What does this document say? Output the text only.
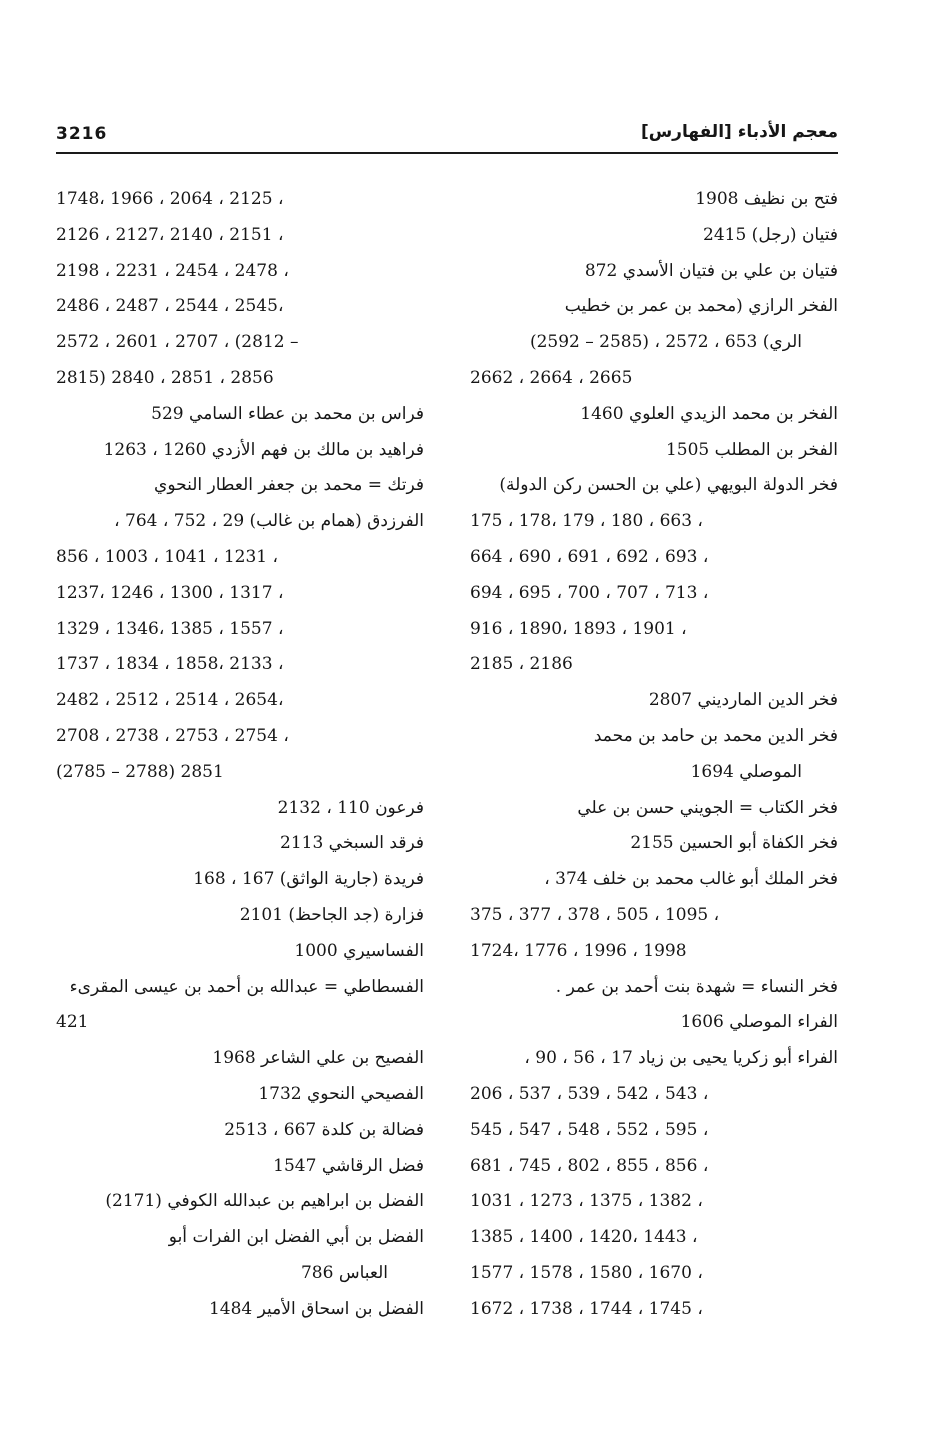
3216	معجم الأدباء [الفهارس]
فتح بن نظيف 1908
فتيان (رجل) 2415
فتيان بن علي بن فتيان الأسدي 872
الفخر الرازي (محمد بن عمر بن خطيب
الري) 653 ، 2572 ، (2585 – 2592)
2662 ، 2664 ، 2665
الفخر بن محمد الزيدي العلوي 1460
الفخر بن المطلب 1505
فخر الدولة البويهي (علي بن الحسن ركن الدولة)
175 ، 178، 179 ، 180 ، 663 ،
664 ، 690 ، 691 ، 692 ، 693 ،
694 ، 695 ، 700 ، 707 ، 713 ،
916 ، 1890، 1893 ، 1901 ،
2185 ، 2186
فخر الدين الماردیني 2807
فخر الدين محمد بن حامد بن محمد
الموصلي 1694
فخر الكتاب = الجويني حسن بن علي
فخر الكفاة أبو الحسين 2155
فخر الملك أبو غالب محمد بن خلف 374 ،
375 ، 377 ، 378 ، 505 ، 1095 ،
1724، 1776 ، 1996 ، 1998
فخر النساء = شهدة بنت أحمد بن عمر .
الفراء الموصلي 1606
الفراء أبو زكريا يحيى بن زياد 17 ، 56 ، 90 ،
206 ، 537 ، 539 ، 542 ، 543 ،
545 ، 547 ، 548 ، 552 ، 595 ،
681 ، 745 ، 802 ، 855 ، 856 ،
1031 ، 1273 ، 1375 ، 1382 ،
1385 ، 1400 ، 1420، 1443 ،
1577 ، 1578 ، 1580 ، 1670 ،
1672 ، 1738 ، 1744 ، 1745 ،
1748، 1966 ، 2064 ، 2125 ،
2126 ، 2127، 2140 ، 2151 ،
2198 ، 2231 ، 2454 ، 2478 ،
2486 ، 2487 ، 2544 ، 2545،
2572 ، 2601 ، 2707 ، (2812 –
2815) 2840 ، 2851 ، 2856
فراس بن محمد بن عطاء السامي 529
فراهيد بن مالك بن فهم الأزدي 1260 ، 1263
فرتك = محمد بن جعفر العطار النحوي
الفرزدق (همام بن غالب) 29 ، 752 ، 764 ،
856 ، 1003 ، 1041 ، 1231 ،
1237، 1246 ، 1300 ، 1317 ،
1329 ، 1346، 1385 ، 1557 ،
1737 ، 1834 ، 1858، 2133 ،
2482 ، 2512 ، 2514 ، 2654،
2708 ، 2738 ، 2753 ، 2754 ،
(2785 – 2788) 2851
فرعون 110 ، 2132
فرقد السبخي 2113
فريدة (جارية الواثق) 167 ، 168
فزارة (جد الجاحظ) 2101
الفساسيري 1000
الفسطاطي = عبدالله بن أحمد بن عيسى المقرىء
421
الفصيح بن علي الشاعر 1968
الفصيحي النحوي 1732
فضالة بن كلدة 667 ، 2513
فضل الرقاشي 1547
الفضل بن ابراهيم بن عبدالله الكوفي (2171)
الفضل بن أبي الفضل ابن الفرات أبو
العباس 786
الفضل بن اسحاق الأمير 1484
